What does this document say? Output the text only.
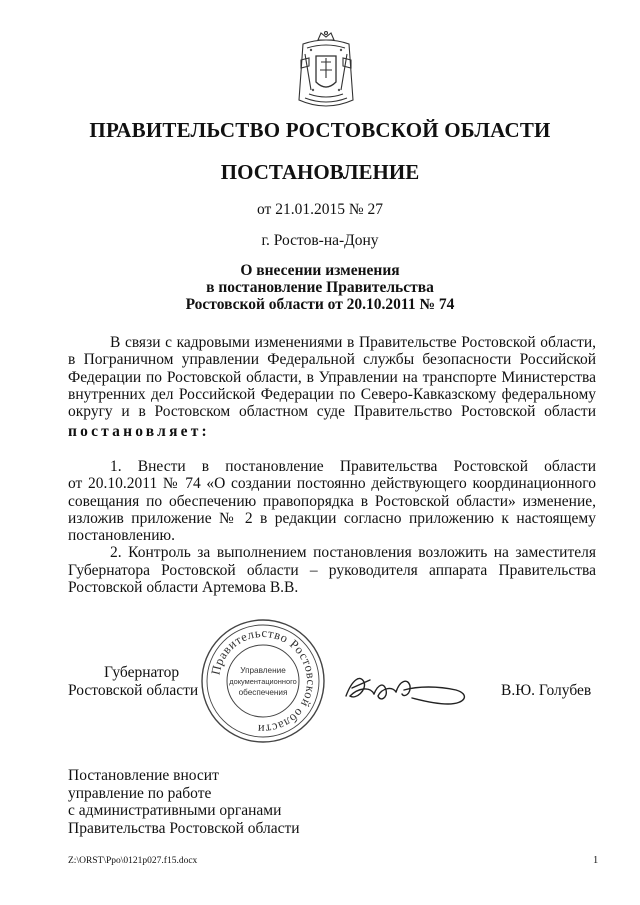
ПРАВИТЕЛЬСТВО РОСТОВСКОЙ ОБЛАСТИ
ПОСТАНОВЛЕНИЕ
от 21.01.2015 № 27
г. Ростов-на-Дону
О внесении изменения
в постановление Правительства
Ростовской области от 20.10.2011 № 74
В связи с кадровыми изменениями в Правительстве Ростовской области,
в Пограничном управлении Федеральной службы безопасности Российской
Федерации по Ростовской области, в Управлении на транспорте Министерства
внутренних дел Российской Федерации по Северо-Кавказскому федеральному
округу и в Ростовском областном суде Правительство Ростовской области
постановляет:
1. Внести в постановление Правительства Ростовской области
от 20.10.2011 № 74 «О создании постоянно действующего координационного
совещания по обеспечению правопорядка в Ростовской области» изменение,
изложив приложение № 2 в редакции согласно приложению к настоящему
постановлению.
2. Контроль за выполнением постановления возложить на заместителя
Губернатора Ростовской области – руководителя аппарата Правительства
Ростовской области Артемова В.В.
Губернатор
Ростовской области
Правительство Ростовской области
Управление
документационного
обеспечения	В.Ю. Голубев
Постановление вносит
управление по работе
с административными органами
Правительства Ростовской области
Z:\ORST\Ppo\0121p027.f15.docx	1
